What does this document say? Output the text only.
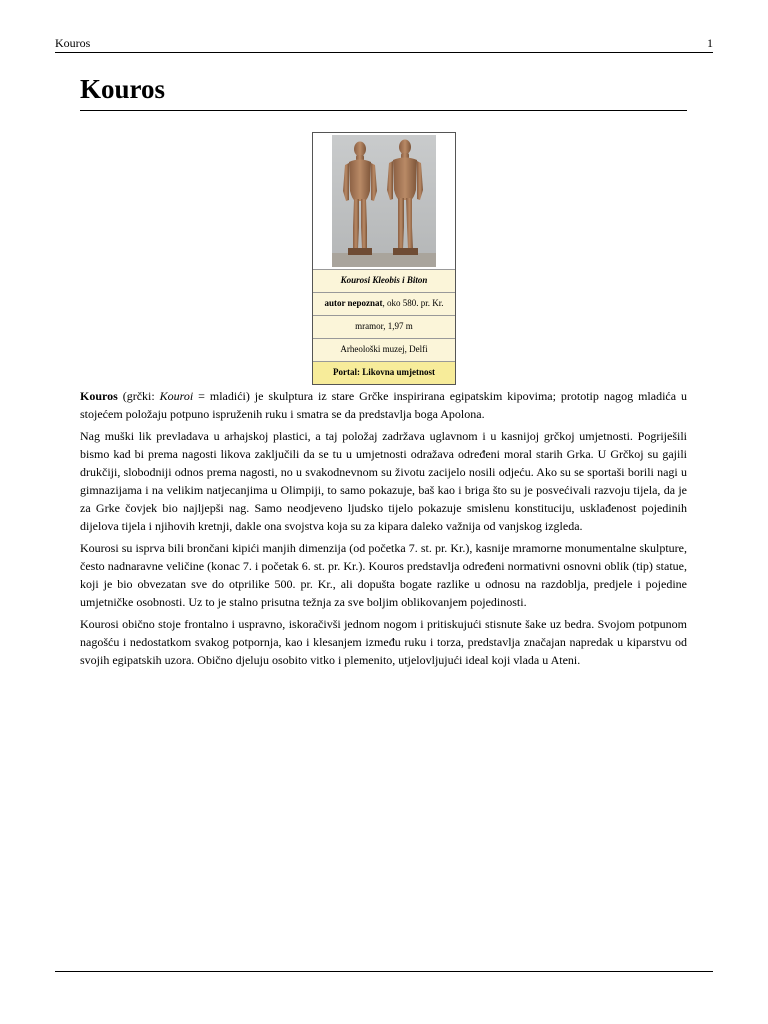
Kouros	1
Kouros
Kourosi Kleobis i Biton
autor nepoznat, oko 580. pr. Kr.
mramor, 1,97 m
Arheološki muzej, Delfi
Portal: Likovna umjetnost

Kouros (grčki: Kouroi = mladići) je skulptura iz stare Grčke inspirirana egipatskim kipovima; prototip nagog mladića u stojećem položaju potpuno ispruženih ruku i smatra se da predstavlja boga Apolona.

Nag muški lik prevladava u arhajskoj plastici, a taj položaj zadržava uglavnom i u kasnijoj grčkoj umjetnosti. Pogriješili bismo kad bi prema nagosti likova zaključili da se tu u umjetnosti odražava određeni moral starih Grka. U Grčkoj su gajili drukčiji, slobodniji odnos prema nagosti, no u svakodnevnom su životu zacijelo nosili odjeću. Ako su se sportaši borili nagi u gimnazijama i na velikim natjecanjima u Olimpiji, to samo pokazuje, baš kao i briga što su je posvećivali razvoju tijela, da je za Grke čovjek bio najljepši nag. Samo neodjeveno ljudsko tijelo pokazuje smislenu konstituciju, usklađenost pojedinih dijelova tijela i njihovih kretnji, dakle ona svojstva koja su za kipara daleko važnija od vanjskog izgleda.

Kourosi su isprva bili brončani kipići manjih dimenzija (od početka 7. st. pr. Kr.), kasnije mramorne monumentalne skulpture, često nadnaravne veličine (konac 7. i početak 6. st. pr. Kr.). Kouros predstavlja određeni normativni osnovni oblik (tip) statue, koji je bio obvezatan sve do otprilike 500. pr. Kr., ali dopušta bogate razlike u odnosu na razdoblja, predjele i pojedine umjetničke osobnosti. Uz to je stalno prisutna težnja za sve boljim oblikovanjem pojedinosti.

Kourosi obično stoje frontalno i uspravno, iskoračivši jednom nogom i pritiskujući stisnute šake uz bedra. Svojom potpunom nagošću i nedostatkom svakog potpornja, kao i klesanjem između ruku i torza, predstavlja značajan napredak u kiparstvu od svojih egipatskih uzora. Obično djeluju osobito vitko i plemenito, utjelovljujući ideal koji vlada u Ateni.
